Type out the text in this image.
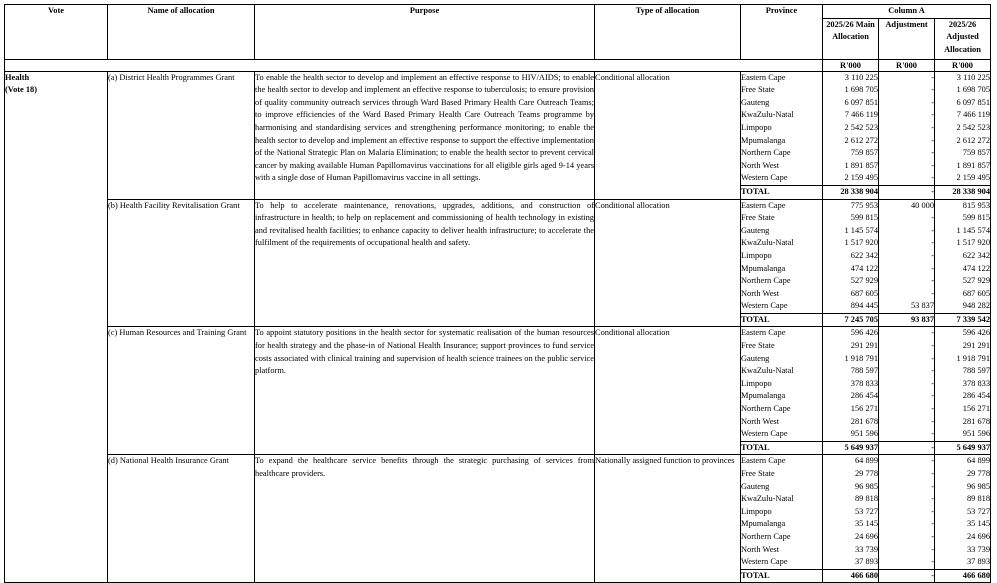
Vote	Name of allocation	Purpose	Type of allocation	Province	Column A		
					2025/26 Main Allocation	Adjustment	2025/26 Adjusted Allocation
					R'000	R'000	R'000

Health
(Vote 18)	(a) District Health Programmes Grant	To enable the health sector to develop and implement an effective response to HIV/AIDS; to enable the health sector to develop and implement an effective response to tuberculosis; to ensure provision of quality community outreach services through Ward Based Primary Health Care Outreach Teams; to improve efficiencies of the Ward Based Primary Health Care Outreach Teams programme by harmonising and standardising services and strengthening performance monitoring; to enable the health sector to develop and implement an effective response to support the effective implementation of the National Strategic Plan on Malaria Elimination; to enable the health sector to prevent cervical cancer by making available Human Papillomavirus vaccinations for all eligible girls aged 9-14 years with a single dose of Human Papillomavirus vaccine in all settings.	Conditional allocation	Eastern Cape	3 110 225	-	3 110 225
				Free State	1 698 705	-	1 698 705
				Gauteng	6 097 851	-	6 097 851
				KwaZulu-Natal	7 466 119	-	7 466 119
				Limpopo	2 542 523	-	2 542 523
				Mpumalanga	2 612 272	-	2 612 272
				Northern Cape	759 857	-	759 857
				North West	1 891 857	-	1 891 857
				Western Cape	2 159 495	-	2 159 495
				TOTAL	28 338 904	-	28 338 904
	(b) Health Facility Revitalisation Grant	To help to accelerate maintenance, renovations, upgrades, additions, and construction of infrastructure in health; to help on replacement and commissioning of health technology in existing and revitalised health facilities; to enhance capacity to deliver health infrastructure; to accelerate the fulfilment of the requirements of occupational health and safety.	Conditional allocation	Eastern Cape	775 953	40 000	815 953
				Free State	599 815	-	599 815
				Gauteng	1 145 574	-	1 145 574
				KwaZulu-Natal	1 517 920	-	1 517 920
				Limpopo	622 342	-	622 342
				Mpumalanga	474 122	-	474 122
				Northern Cape	527 929	-	527 929
				North West	687 605	-	687 605
				Western Cape	894 445	53 837	948 282
				TOTAL	7 245 705	93 837	7 339 542
	(c) Human Resources and Training Grant	To appoint statutory positions in the health sector for systematic realisation of the human resources for health strategy and the phase-in of National Health Insurance; support provinces to fund service costs associated with clinical training and supervision of health science trainees on the public service platform.	Conditional allocation	Eastern Cape	596 426	-	596 426
				Free State	291 291	-	291 291
				Gauteng	1 918 791	-	1 918 791
				KwaZulu-Natal	788 597	-	788 597
				Limpopo	378 833	-	378 833
				Mpumalanga	286 454	-	286 454
				Northern Cape	156 271	-	156 271
				North West	281 678	-	281 678
				Western Cape	951 596	-	951 596
				TOTAL	5 649 937	-	5 649 937
	(d) National Health Insurance Grant	To expand the healthcare service benefits through the strategic purchasing of services from healthcare providers.	Nationally assigned function to provinces	Eastern Cape	64 899	-	64 899
				Free State	29 778	-	29 778
				Gauteng	96 985	-	96 985
				KwaZulu-Natal	89 818	-	89 818
				Limpopo	53 727	-	53 727
				Mpumalanga	35 145	-	35 145
				Northern Cape	24 696	-	24 696
				North West	33 739	-	33 739
				Western Cape	37 893	-	37 893
				TOTAL	466 680	-	466 680
